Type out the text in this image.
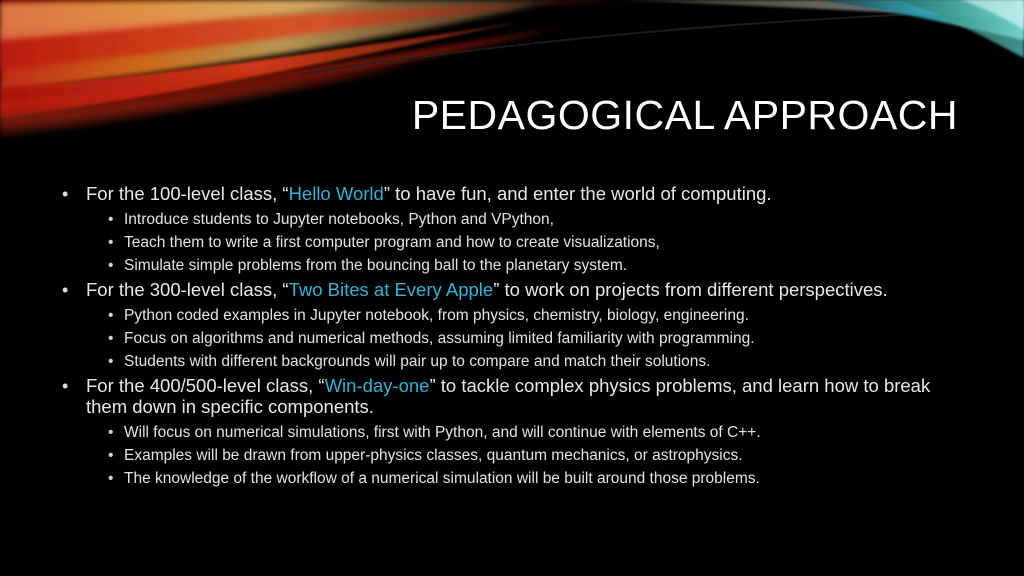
PEDAGOGICAL APPROACH
• For the 100-level class, “Hello World” to have fun, and enter the world of computing.
• Introduce students to Jupyter notebooks, Python and VPython,
• Teach them to write a first computer program and how to create visualizations,
• Simulate simple problems from the bouncing ball to the planetary system.
• For the 300-level class, “Two Bites at Every Apple” to work on projects from different perspectives.
• Python coded examples in Jupyter notebook, from physics, chemistry, biology, engineering.
• Focus on algorithms and numerical methods, assuming limited familiarity with programming.
• Students with different backgrounds will pair up to compare and match their solutions.
• For the 400/500-level class, “Win-day-one” to tackle complex physics problems, and learn how to break them down in specific components.
• Will focus on numerical simulations, first with Python, and will continue with elements of C++.
• Examples will be drawn from upper-physics classes, quantum mechanics, or astrophysics.
• The knowledge of the workflow of a numerical simulation will be built around those problems.
